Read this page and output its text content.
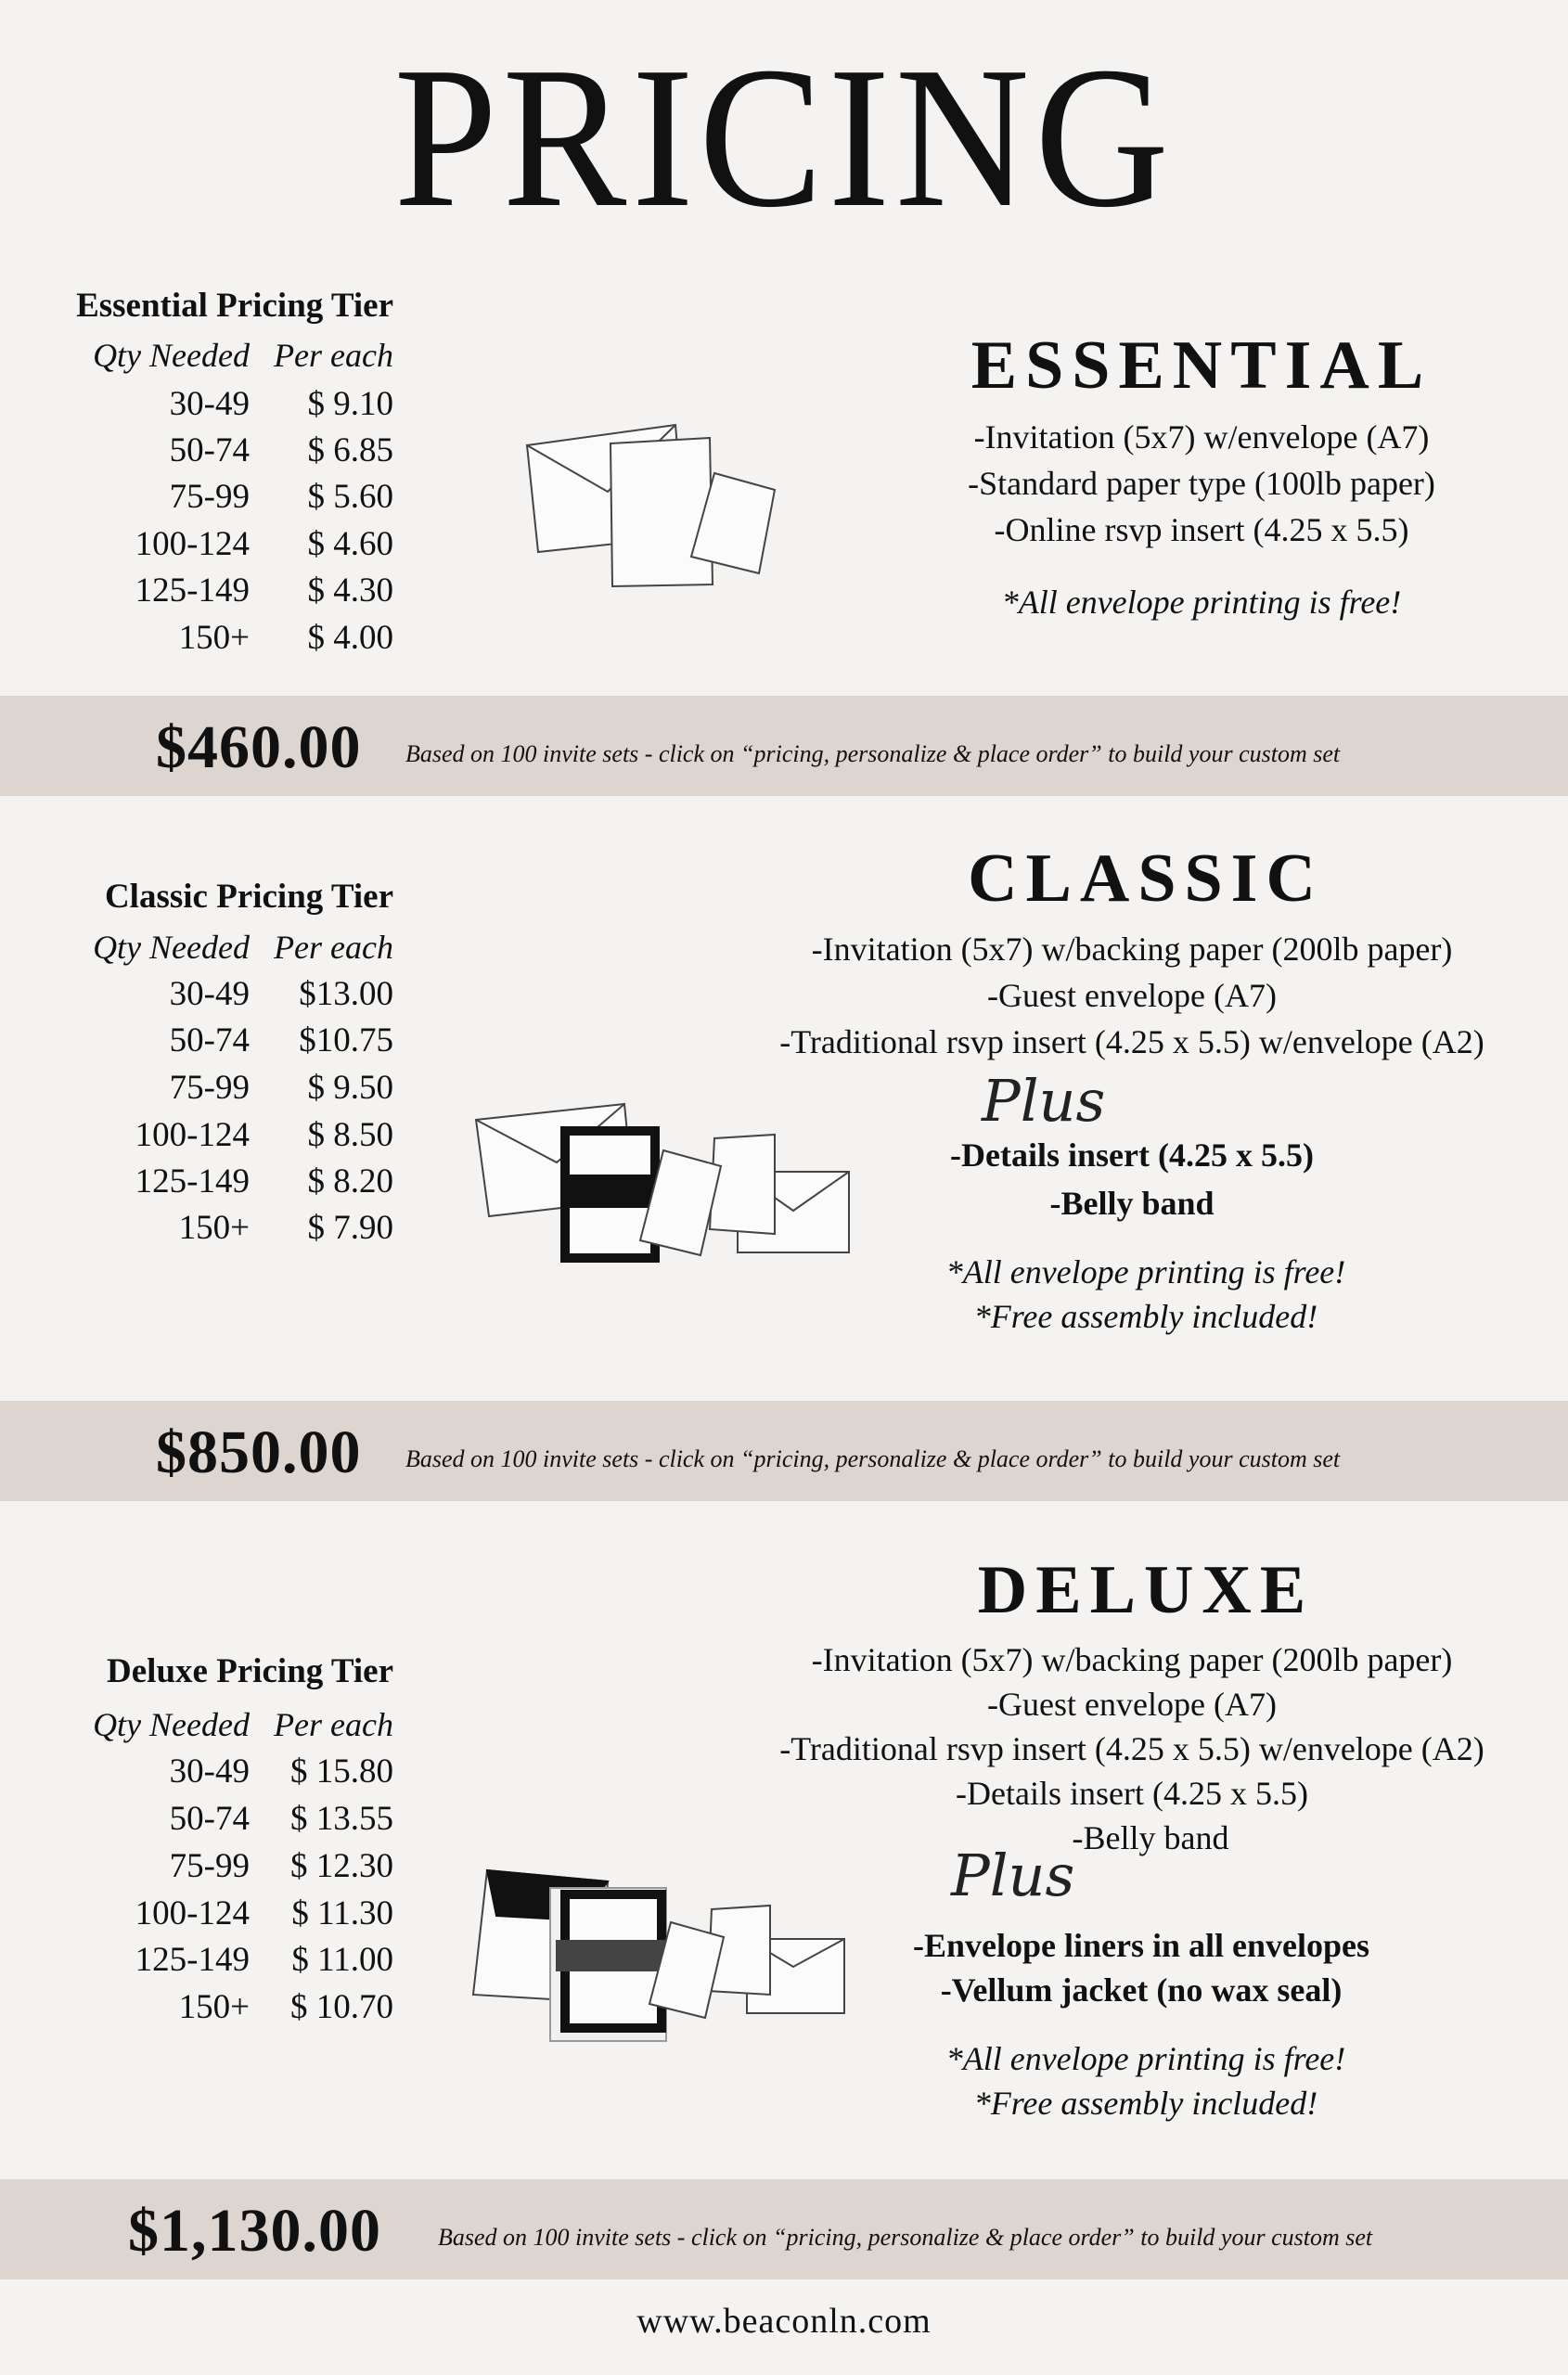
PRICING
Essential Pricing Tier
Qty Needed Per each
30-49 $ 9.10
50-74 $ 6.85
75-99 $ 5.60
100-124 $ 4.60
125-149 $ 4.30
150+ $ 4.00
ESSENTIAL
-Invitation (5x7) w/envelope (A7)
-Standard paper type (100lb paper)
-Online rsvp insert (4.25 x 5.5)
*All envelope printing is free!
$460.00 Based on 100 invite sets - click on “pricing, personalize & place order” to build your custom set
Classic Pricing Tier
Qty Needed Per each
30-49 $13.00
50-74 $10.75
75-99 $ 9.50
100-124 $ 8.50
125-149 $ 8.20
150+ $ 7.90
CLASSIC
-Invitation (5x7) w/backing paper (200lb paper)
-Guest envelope (A7)
-Traditional rsvp insert (4.25 x 5.5) w/envelope (A2)
Plus
-Details insert (4.25 x 5.5)
-Belly band
*All envelope printing is free!
*Free assembly included!
$850.00 Based on 100 invite sets - click on “pricing, personalize & place order” to build your custom set
Deluxe Pricing Tier
Qty Needed Per each
30-49 $ 15.80
50-74 $ 13.55
75-99 $ 12.30
100-124 $ 11.30
125-149 $ 11.00
150+ $ 10.70
DELUXE
-Invitation (5x7) w/backing paper (200lb paper)
-Guest envelope (A7)
-Traditional rsvp insert (4.25 x 5.5) w/envelope (A2)
-Details insert (4.25 x 5.5)
-Belly band
Plus
-Envelope liners in all envelopes
-Vellum jacket (no wax seal)
*All envelope printing is free!
*Free assembly included!
$1,130.00 Based on 100 invite sets - click on “pricing, personalize & place order” to build your custom set
www.beaconln.com
